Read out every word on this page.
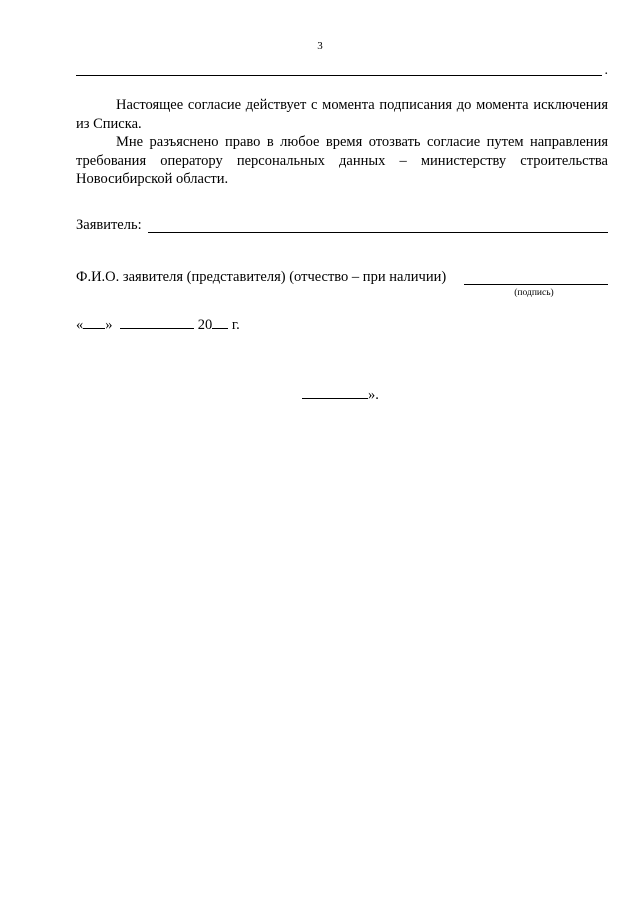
3
.

Настоящее согласие действует с момента подписания до момента исключения из Списка.

Мне разъяснено право в любое время отозвать согласие путем направления требования оператору персональных данных – министерству строительства Новосибирской области.

Заявитель:
Ф.И.О. заявителя (представителя) (отчество – при наличии)
(подпись)
« »	20 г.
».
